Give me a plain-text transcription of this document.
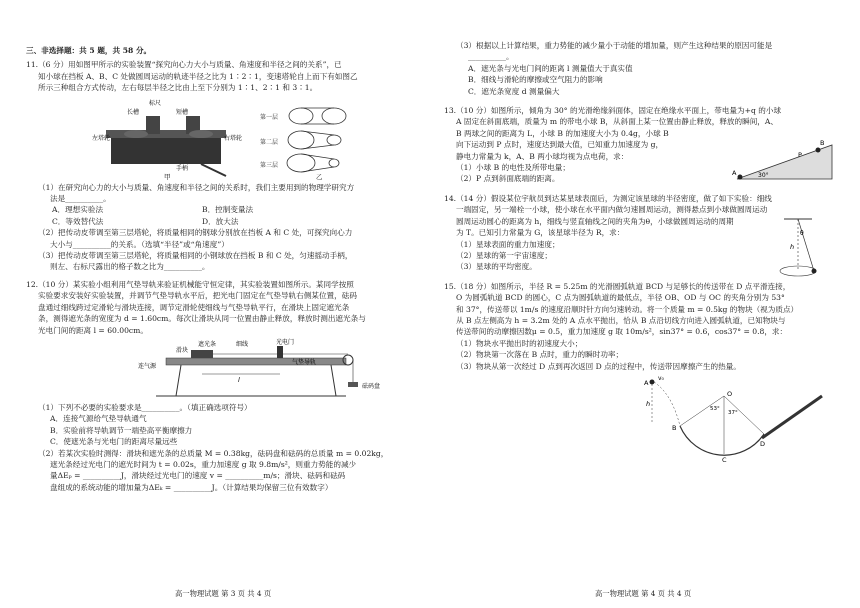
三、非选择题：共 5 题，共 58 分。
11.（6 分）用如图甲所示的实验装置“探究向心力大小与质量、角速度和半径之间的关系”，已
知小球在挡板 A、B、C 处做圆周运动的轨迹半径之比为 1∶2∶1，变速塔轮自上而下有如图乙
所示三种组合方式传动，左右每层半径之比由上至下分别为 1∶1、2∶1 和 3∶1。
标尺
长槽	短槽
左塔轮	右塔轮
手柄
甲
第一层
第二层
第三层
乙
（1）在研究向心力的大小与质量、角速度和半径之间的关系时，我们主要用到的物理学研究方
法是__________。
A．理想实验法	B．控制变量法
C．等效替代法	D．放大法
（2）把传动皮带调至第三层塔轮，将质量相同的钢球分别放在挡板 A 和 C 处，可探究向心力
大小与__________的关系。（选填“半径”或“角速度”）
（3）把传动皮带调至第三层塔轮，将质量相同的小钢球放在挡板 B 和 C 处，匀速摇动手柄，
则左、右标尺露出的格子数之比为__________。
12.（10 分）某实验小组利用气垫导轨来验证机械能守恒定律，其实验装置如图所示。某同学按照
实验要求安装好实验装置，并调节气垫导轨水平后，把光电门固定在气垫导轨右侧某位置，砝码
盘通过细线跨过定滑轮与滑块连接，调节定滑轮使细线与气垫导轨平行，在滑块上固定遮光条
条，测得遮光条的宽度为 d = 1.60cm。每次让滑块从同一位置由静止释放，释放时测出遮光条与
光电门间的距离 l = 60.00cm。
l
遮光条	细线	光电门
滑块
连气源
气垫导轨
砝码盘
（1）下列不必要的实验要求是__________。（填正确选项符号）
A．连接气源给气垫导轨通气
B．实验前将导轨调节一端垫高平衡摩擦力
C．使遮光条与光电门的距离尽量远些
（2）若某次实验时测得：滑块和遮光条的总质量 M = 0.38kg，砝码盘和砝码的总质量 m = 0.02kg，
遮光条经过光电门的遮光时间为 t = 0.02s，重力加速度 g 取 9.8m/s²，则重力势能的减少
量ΔEₚ = __________J，滑块经过光电门的速度 v = __________m/s；滑块、砝码和砝码
盘组成的系统动能的增加量为ΔEₖ = __________J。（计算结果均保留三位有效数字）
高一物理试题 第 3 页 共 4 页
（3）根据以上计算结果，重力势能的减少量小于动能的增加量，则产生这种结果的原因可能是
__________。
A．遮光条与光电门间的距离 l 测量值大于真实值
B．细线与滑轮的摩擦或空气阻力的影响
C．遮光条宽度 d 测量偏大
13.（10 分）如图所示，倾角为 30° 的光滑绝缘斜面体，固定在绝缘水平面上，带电量为+q 的小球
A 固定在斜面底端，质量为 m 的带电小球 B，从斜面上某一位置由静止释放，释放的瞬间，A、
B 两球之间的距离为 L，小球 B 的加速度大小为 0.4g，小球 B
向下运动到 P 点时，速度达到最大值，已知重力加速度为 g，
静电力常量为 k，A、B 两小球均视为点电荷，求：
（1）小球 B 的电性及所带电量；
（2）P 点到斜面底端的距离。
A
B
P
30°
14.（14 分）假设某位宇航员到达某星球表面后，为测定该星球的半径密度，做了如下实验：细线
一端固定，另一端栓一小球，使小球在水平面内做匀速圆周运动，测得悬点到小球做圆周运动
圆周运动圆心的距离为 h，细线与竖直轴线之间的夹角为θ，小球做圆周运动的周期
为 T。已知引力常量为 G，该星球半径为 R，求：
（1）星球表面的重力加速度；
（2）星球的第一宇宙速度；
（3）星球的平均密度。
h
θ
15.（18 分）如图所示，半径 R = 5.25m 的光滑圆弧轨道 BCD 与足够长的传送带在 D 点平滑连接，
O 为圆弧轨道 BCD 的圆心，C 点为圆弧轨道的最低点，半径 OB、OD 与 OC 的夹角分别为 53°
和 37°，传送带以 1m/s 的速度沿顺时针方向匀速转动。将一个质量 m = 0.5kg 的物块（视为质点）
从 B 点左侧高为 h = 3.2m 处的 A 点水平抛出，恰从 B 点沿切线方向进入圆弧轨道，已知物块与
传送带间的动摩擦因数μ = 0.5，重力加速度 g 取 10m/s²，sin37° = 0.6，cos37° = 0.8，求：
（1）物块水平抛出时的初速度大小；
（2）物块第一次落在 B 点时，重力的瞬时功率；
（3）物块从第一次经过 D 点到再次返回 D 点的过程中，传送带因摩擦产生的热量。
A
v₀
h
B
O
C
D
53°
37°
高一物理试题 第 4 页 共 4 页
